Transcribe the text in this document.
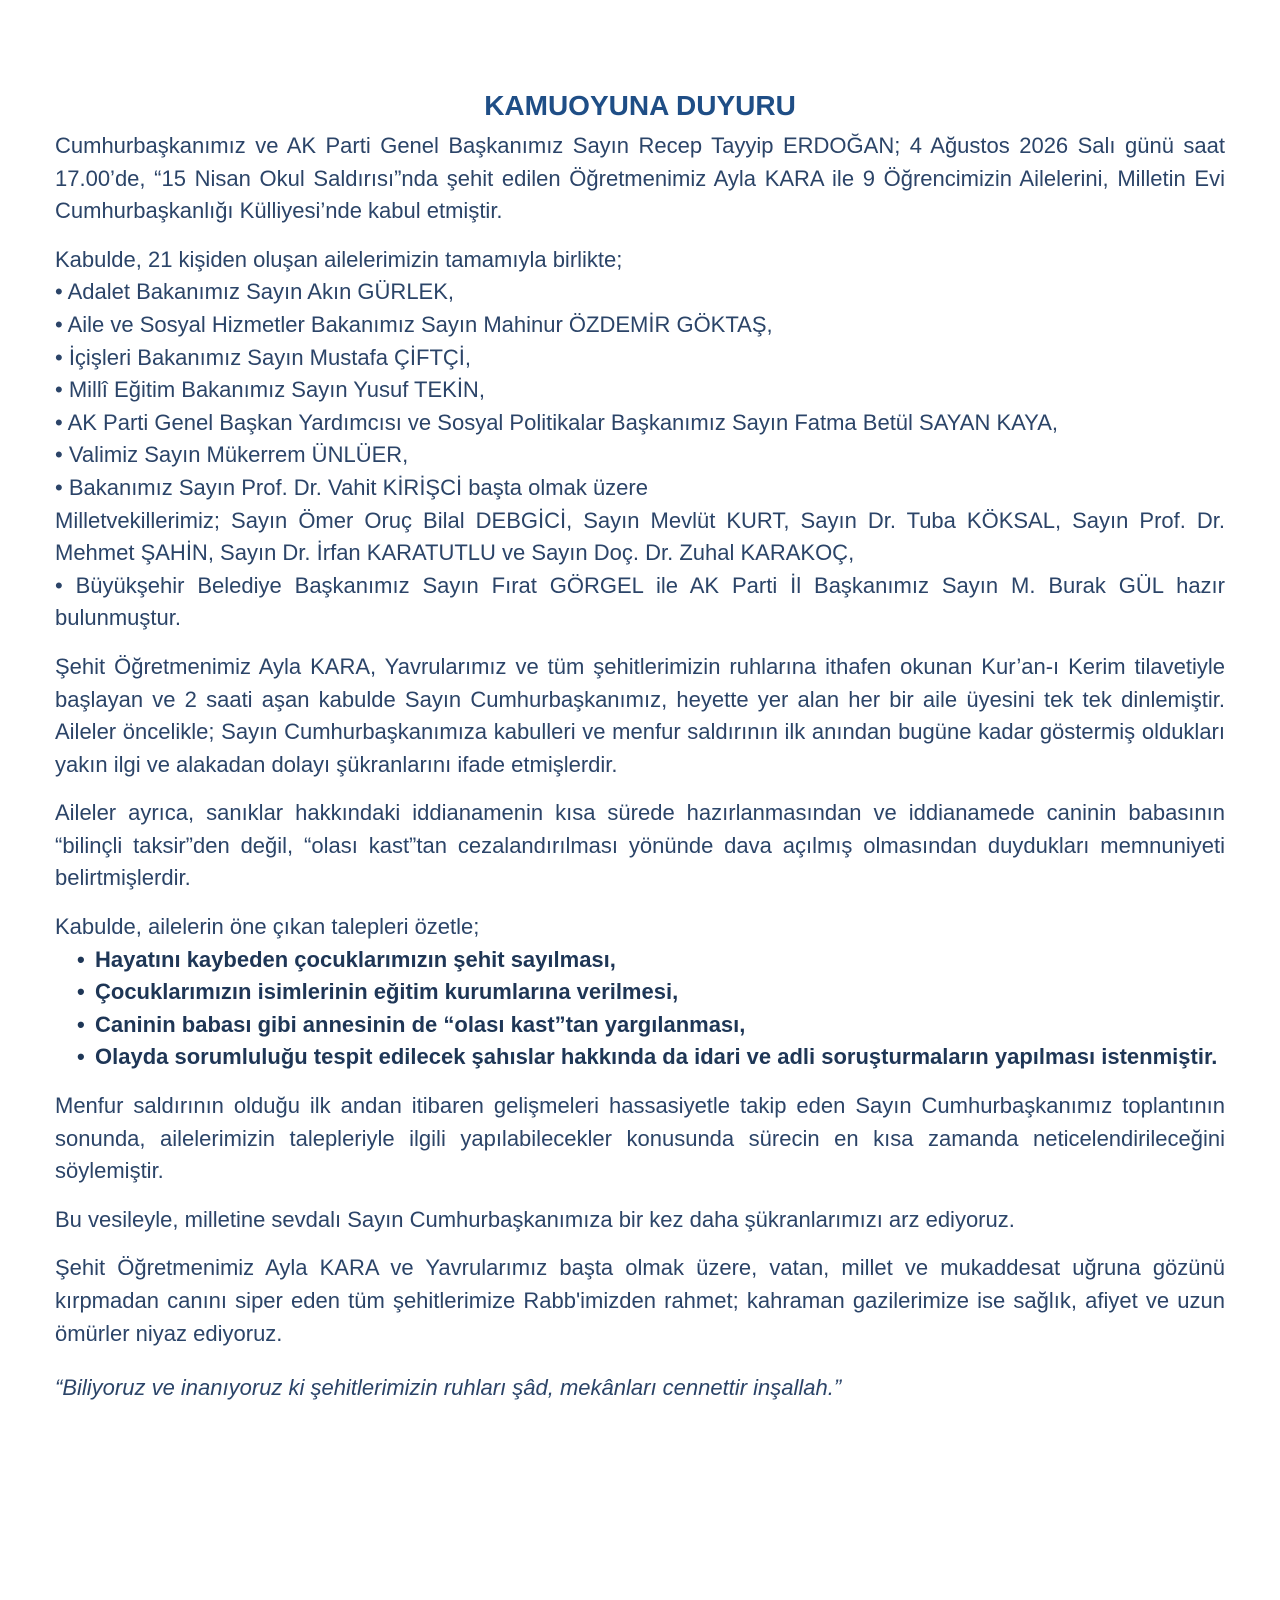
KAMUOYUNA DUYURU

Cumhurbaşkanımız ve AK Parti Genel Başkanımız Sayın Recep Tayyip ERDOĞAN; 4 Ağustos 2026 Salı günü saat 17.00’de, “15 Nisan Okul Saldırısı”nda şehit edilen Öğretmenimiz Ayla KARA ile 9 Öğrencimizin Ailelerini, Milletin Evi Cumhurbaşkanlığı Külliyesi’nde kabul etmiştir.

Kabulde, 21 kişiden oluşan ailelerimizin tamamıyla birlikte;
• Adalet Bakanımız Sayın Akın GÜRLEK,
• Aile ve Sosyal Hizmetler Bakanımız Sayın Mahinur ÖZDEMİR GÖKTAŞ,
• İçişleri Bakanımız Sayın Mustafa ÇİFTÇİ,
• Millî Eğitim Bakanımız Sayın Yusuf TEKİN,
• AK Parti Genel Başkan Yardımcısı ve Sosyal Politikalar Başkanımız Sayın Fatma Betül SAYAN KAYA,
• Valimiz Sayın Mükerrem ÜNLÜER,
• Bakanımız Sayın Prof. Dr. Vahit KİRİŞCİ başta olmak üzere

Milletvekillerimiz; Sayın Ömer Oruç Bilal DEBGİCİ, Sayın Mevlüt KURT, Sayın Dr. Tuba KÖKSAL, Sayın Prof. Dr. Mehmet ŞAHİN, Sayın Dr. İrfan KARATUTLU ve Sayın Doç. Dr. Zuhal KARAKOÇ,

• Büyükşehir Belediye Başkanımız Sayın Fırat GÖRGEL ile AK Parti İl Başkanımız Sayın M. Burak GÜL hazır bulunmuştur.

Şehit Öğretmenimiz Ayla KARA, Yavrularımız ve tüm şehitlerimizin ruhlarına ithafen okunan Kur’an-ı Kerim tilavetiyle başlayan ve 2 saati aşan kabulde Sayın Cumhurbaşkanımız, heyette yer alan her bir aile üyesini tek tek dinlemiştir. Aileler öncelikle; Sayın Cumhurbaşkanımıza kabulleri ve menfur saldırının ilk anından bugüne kadar göstermiş oldukları yakın ilgi ve alakadan dolayı şükranlarını ifade etmişlerdir.

Aileler ayrıca, sanıklar hakkındaki iddianamenin kısa sürede hazırlanmasından ve iddianamede caninin babasının “bilinçli taksir”den değil, “olası kast”tan cezalandırılması yönünde dava açılmış olmasından duydukları memnuniyeti belirtmişlerdir.

Kabulde, ailelerin öne çıkan talepleri özetle;
• Hayatını kaybeden çocuklarımızın şehit sayılması,
• Çocuklarımızın isimlerinin eğitim kurumlarına verilmesi,
• Caninin babası gibi annesinin de “olası kast”tan yargılanması,
• Olayda sorumluluğu tespit edilecek şahıslar hakkında da idari ve adli soruşturmaların yapılması istenmiştir.

Menfur saldırının olduğu ilk andan itibaren gelişmeleri hassasiyetle takip eden Sayın Cumhurbaşkanımız toplantının sonunda, ailelerimizin talepleriyle ilgili yapılabilecekler konusunda sürecin en kısa zamanda neticelendirileceğini söylemiştir.

Bu vesileyle, milletine sevdalı Sayın Cumhurbaşkanımıza bir kez daha şükranlarımızı arz ediyoruz.

Şehit Öğretmenimiz Ayla KARA ve Yavrularımız başta olmak üzere, vatan, millet ve mukaddesat uğruna gözünü kırpmadan canını siper eden tüm şehitlerimize Rabb'imizden rahmet; kahraman gazilerimize ise sağlık, afiyet ve uzun ömürler niyaz ediyoruz.

“Biliyoruz ve inanıyoruz ki şehitlerimizin ruhları şâd, mekânları cennettir inşallah.”
